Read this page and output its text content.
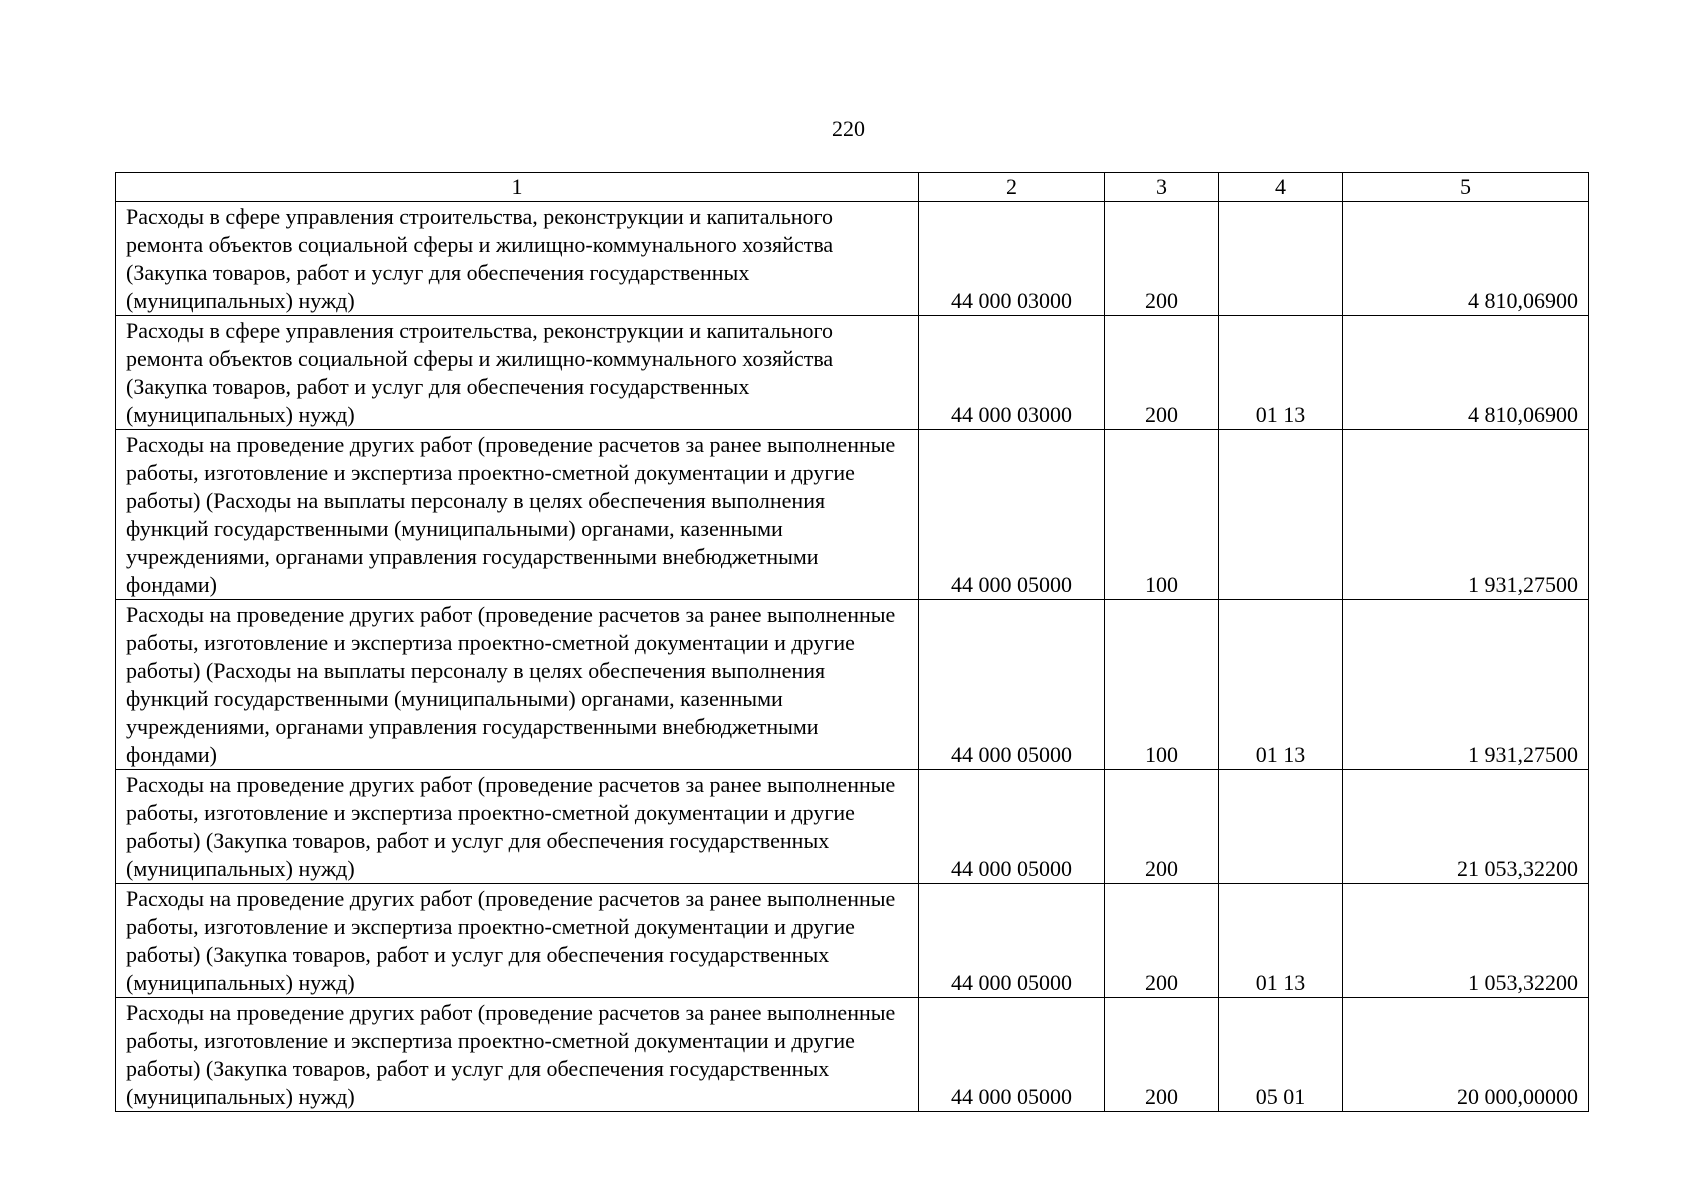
220
1	2	3	4	5
Расходы в сфере управления строительства, реконструкции и капитального ремонта объектов социальной сферы и жилищно-коммунального хозяйства (Закупка товаров, работ и услуг для обеспечения государственных (муниципальных) нужд)	44 000 03000	200		4 810,06900
Расходы в сфере управления строительства, реконструкции и капитального ремонта объектов социальной сферы и жилищно-коммунального хозяйства (Закупка товаров, работ и услуг для обеспечения государственных (муниципальных) нужд)	44 000 03000	200	01 13	4 810,06900
Расходы на проведение других работ (проведение расчетов за ранее выполненные работы, изготовление и экспертиза проектно-сметной документации и другие работы) (Расходы на выплаты персоналу в целях обеспечения выполнения функций государственными (муниципальными) органами, казенными учреждениями, органами управления государственными внебюджетными фондами)	44 000 05000	100		1 931,27500
Расходы на проведение других работ (проведение расчетов за ранее выполненные работы, изготовление и экспертиза проектно-сметной документации и другие работы) (Расходы на выплаты персоналу в целях обеспечения выполнения функций государственными (муниципальными) органами, казенными учреждениями, органами управления государственными внебюджетными фондами)	44 000 05000	100	01 13	1 931,27500
Расходы на проведение других работ (проведение расчетов за ранее выполненные работы, изготовление и экспертиза проектно-сметной документации и другие работы) (Закупка товаров, работ и услуг для обеспечения государственных (муниципальных) нужд)	44 000 05000	200		21 053,32200
Расходы на проведение других работ (проведение расчетов за ранее выполненные работы, изготовление и экспертиза проектно-сметной документации и другие работы) (Закупка товаров, работ и услуг для обеспечения государственных (муниципальных) нужд)	44 000 05000	200	01 13	1 053,32200
Расходы на проведение других работ (проведение расчетов за ранее выполненные работы, изготовление и экспертиза проектно-сметной документации и другие работы) (Закупка товаров, работ и услуг для обеспечения государственных (муниципальных) нужд)	44 000 05000	200	05 01	20 000,00000
